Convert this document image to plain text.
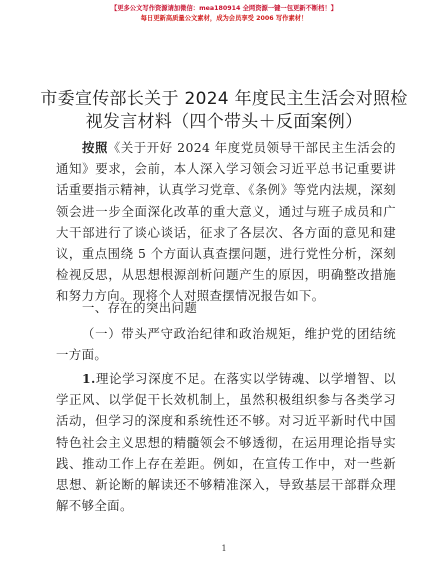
【更多公文写作资源请加微信：mea180914 全网资源一键一包更新不断档！】
每日更新高质量公文素材，成为会员享受 2006 写作素材！
市委宣传部长关于 2024 年度民主生活会对照检
视发言材料（四个带头＋反面案例）
按照《关于开好 2024 年度党员领导干部民主生活会的通知》要求，会前，本人深入学习领会习近平总书记重要讲话重要指示精神，认真学习党章、《条例》等党内法规，深刻领会进一步全面深化改革的重大意义，通过与班子成员和广大干部进行了谈心谈话，征求了各层次、各方面的意见和建议，重点围绕 5 个方面认真查摆问题，进行党性分析，深刻检视反思，从思想根源剖析问题产生的原因，明确整改措施和努力方向。现将个人对照查摆情况报告如下。
一、存在的突出问题
（一）带头严守政治纪律和政治规矩，维护党的团结统一方面。
1.理论学习深度不足。在落实以学铸魂、以学增智、以学正风、以学促干长效机制上，虽然积极组织参与各类学习活动，但学习的深度和系统性还不够。对习近平新时代中国特色社会主义思想的精髓领会不够透彻，在运用理论指导实践、推动工作上存在差距。例如，在宣传工作中，对一些新思想、新论断的解读还不够精准深入，导致基层干部群众理解不够全面。
1
